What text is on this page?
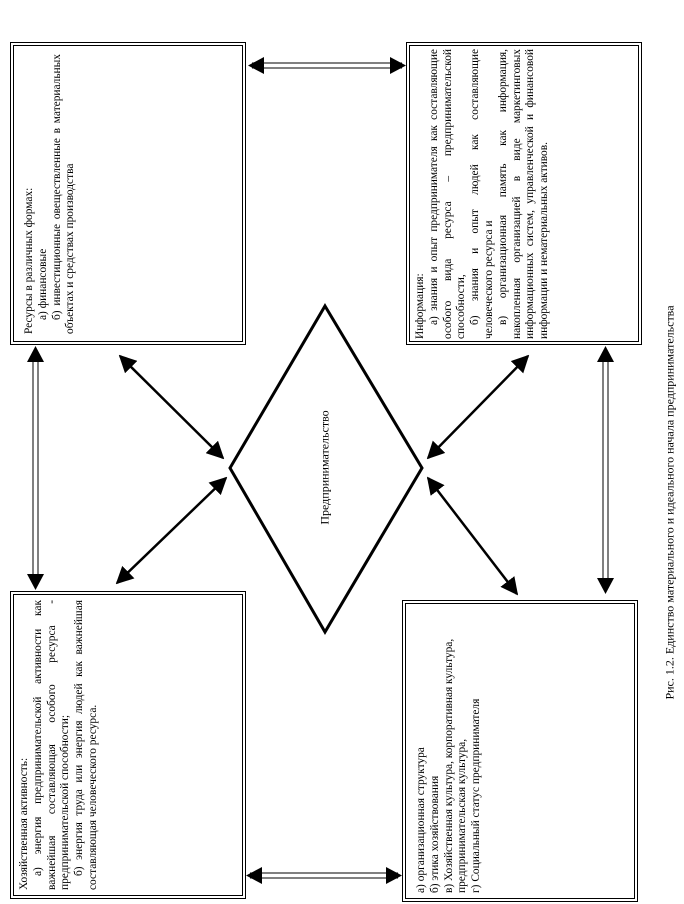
Ресурсы в различных формах: а) финансовые б) инвестиционные овеществленные в материальных объектах и средствах производства	Информация: а) знания и опыт предпринимателя как составляющие особого вида ресурса – предпринимательской способности, б) знания и опыт людей как составляющие человеческого ресурса и в) организационная память как информация, накопленная организацией в виде маркетинговых информационных систем, управленческой и финансовой информации и нематериальных активов.
Хозяйственная активность: а) энергия предпринимательской активности как важнейшая составляющая особого ресурса - предпринимательской способности; б) энергия труда или энергия людей как важнейшая составляющая человеческого ресурса.	а) организационная структура б) этика хозяйствования в) Хозяйственная культура, корпоративная культура, предпринимательская культура, г) Социальный статус предпринимателя
Предпринимательство	Рис. 1.2. Единство материального и идеального начала предпринимательства
